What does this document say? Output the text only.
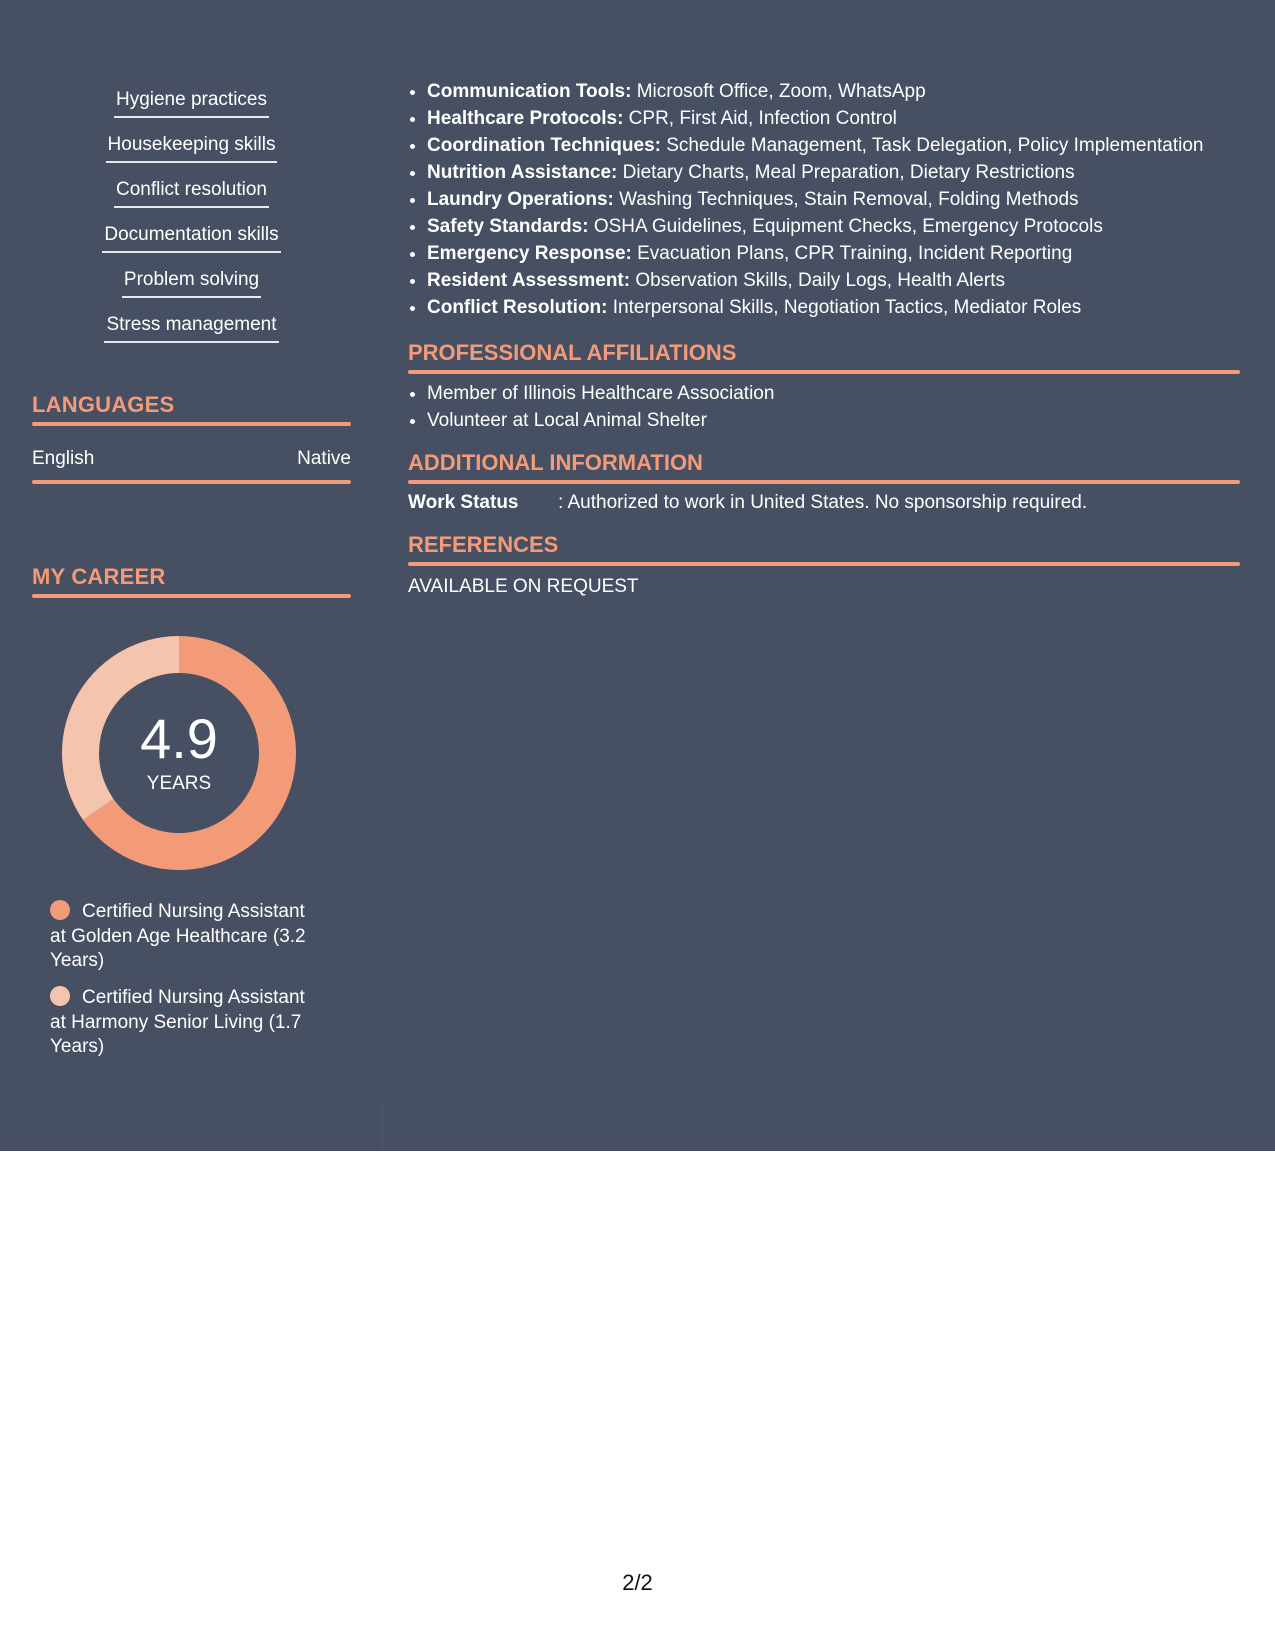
Hygiene practices
Housekeeping skills
Conflict resolution
Documentation skills
Problem solving
Stress management
LANGUAGES
English	Native
MY CAREER
4.9
YEARS
Certified Nursing Assistant at Golden Age Healthcare (3.2 Years)
Certified Nursing Assistant at Harmony Senior Living (1.7 Years)
• Communication Tools: Microsoft Office, Zoom, WhatsApp
• Healthcare Protocols: CPR, First Aid, Infection Control
• Coordination Techniques: Schedule Management, Task Delegation, Policy Implementation
• Nutrition Assistance: Dietary Charts, Meal Preparation, Dietary Restrictions
• Laundry Operations: Washing Techniques, Stain Removal, Folding Methods
• Safety Standards: OSHA Guidelines, Equipment Checks, Emergency Protocols
• Emergency Response: Evacuation Plans, CPR Training, Incident Reporting
• Resident Assessment: Observation Skills, Daily Logs, Health Alerts
• Conflict Resolution: Interpersonal Skills, Negotiation Tactics, Mediator Roles
PROFESSIONAL AFFILIATIONS
• Member of Illinois Healthcare Association
• Volunteer at Local Animal Shelter
ADDITIONAL INFORMATION
Work Status : Authorized to work in United States. No sponsorship required.
REFERENCES
AVAILABLE ON REQUEST
2/2
